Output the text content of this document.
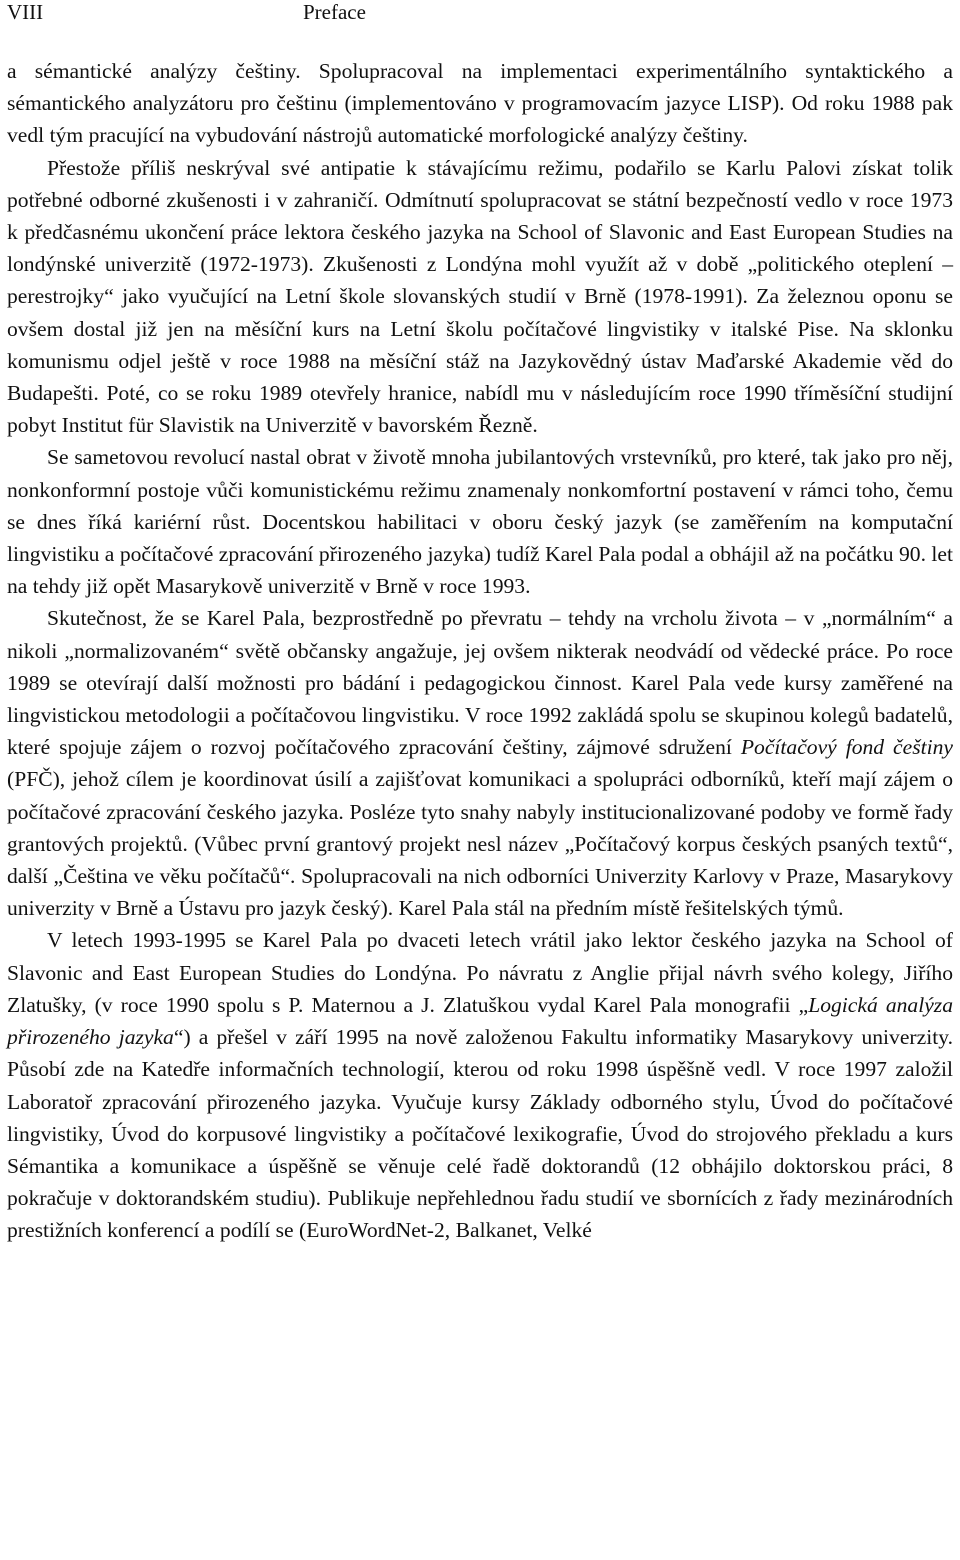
VIII	Preface

a sémantické analýzy češtiny. Spolupracoval na implementaci experimentálního syntaktického a sémantického analyzátoru pro češtinu (implementováno v programovacím jazyce LISP). Od roku 1988 pak vedl tým pracující na vybudování nástrojů automatické morfologické analýzy češtiny.

Přestože příliš neskrýval své antipatie k stávajícímu režimu, podařilo se Karlu Palovi získat tolik potřebné odborné zkušenosti i v zahraničí. Odmítnutí spolupracovat se státní bezpečností vedlo v roce 1973 k předčasnému ukončení práce lektora českého jazyka na School of Slavonic and East European Studies na londýnské univerzitě (1972-1973). Zkušenosti z Londýna mohl využít až v době „politického oteplení – perestrojky“ jako vyučující na Letní škole slovanských studií v Brně (1978-1991). Za železnou oponu se ovšem dostal již jen na měsíční kurs na Letní školu počítačové lingvistiky v italské Pise. Na sklonku komunismu odjel ještě v roce 1988 na měsíční stáž na Jazykovědný ústav Maďarské Akademie věd do Budapešti. Poté, co se roku 1989 otevřely hranice, nabídl mu v následujícím roce 1990 tříměsíční studijní pobyt Institut für Slavistik na Univerzitě v bavorském Řezně.

Se sametovou revolucí nastal obrat v životě mnoha jubilantových vrstevníků, pro které, tak jako pro něj, nonkonformní postoje vůči komunistickému režimu znamenaly nonkomfortní postavení v rámci toho, čemu se dnes říká kariérní růst. Docentskou habilitaci v oboru český jazyk (se zaměřením na komputační lingvistiku a počítačové zpracování přirozeného jazyka) tudíž Karel Pala podal a obhájil až na počátku 90. let na tehdy již opět Masarykově univerzitě v Brně v roce 1993.

Skutečnost, že se Karel Pala, bezprostředně po převratu – tehdy na vrcholu života – v „normálním“ a nikoli „normalizovaném“ světě občansky angažuje, jej ovšem nikterak neodvádí od vědecké práce. Po roce 1989 se otevírají další možnosti pro bádání i pedagogickou činnost. Karel Pala vede kursy zaměřené na lingvistickou metodologii a počítačovou lingvistiku. V roce 1992 zakládá spolu se skupinou kolegů badatelů, které spojuje zájem o rozvoj počítačového zpracování češtiny, zájmové sdružení Počítačový fond češtiny (PFČ), jehož cílem je koordinovat úsilí a zajišťovat komunikaci a spolupráci odborníků, kteří mají zájem o počítačové zpracování českého jazyka. Posléze tyto snahy nabyly institucionalizované podoby ve formě řady grantových projektů. (Vůbec první grantový projekt nesl název „Počítačový korpus českých psaných textů“, další „Čeština ve věku počítačů“. Spolupracovali na nich odborníci Univerzity Karlovy v Praze, Masarykovy univerzity v Brně a Ústavu pro jazyk český). Karel Pala stál na předním místě řešitelských týmů.

V letech 1993-1995 se Karel Pala po dvaceti letech vrátil jako lektor českého jazyka na School of Slavonic and East European Studies do Londýna. Po návratu z Anglie přijal návrh svého kolegy, Jiřího Zlatušky, (v roce 1990 spolu s P. Maternou a J. Zlatuškou vydal Karel Pala monografii „Logická analýza přirozeného jazyka“) a přešel v září 1995 na nově založenou Fakultu informatiky Masarykovy univerzity. Působí zde na Katedře informačních technologií, kterou od roku 1998 úspěšně vedl. V roce 1997 založil Laboratoř zpracování přirozeného jazyka. Vyučuje kursy Základy odborného stylu, Úvod do počítačové lingvistiky, Úvod do korpusové lingvistiky a počítačové lexikografie, Úvod do strojového překladu a kurs Sémantika a komunikace a úspěšně se věnuje celé řadě doktorandů (12 obhájilo doktorskou práci, 8 pokračuje v doktorandském studiu). Publikuje nepřehlednou řadu studií ve sbornících z řady mezinárodních prestižních konferencí a podílí se (EuroWordNet-2, Balkanet, Velké
